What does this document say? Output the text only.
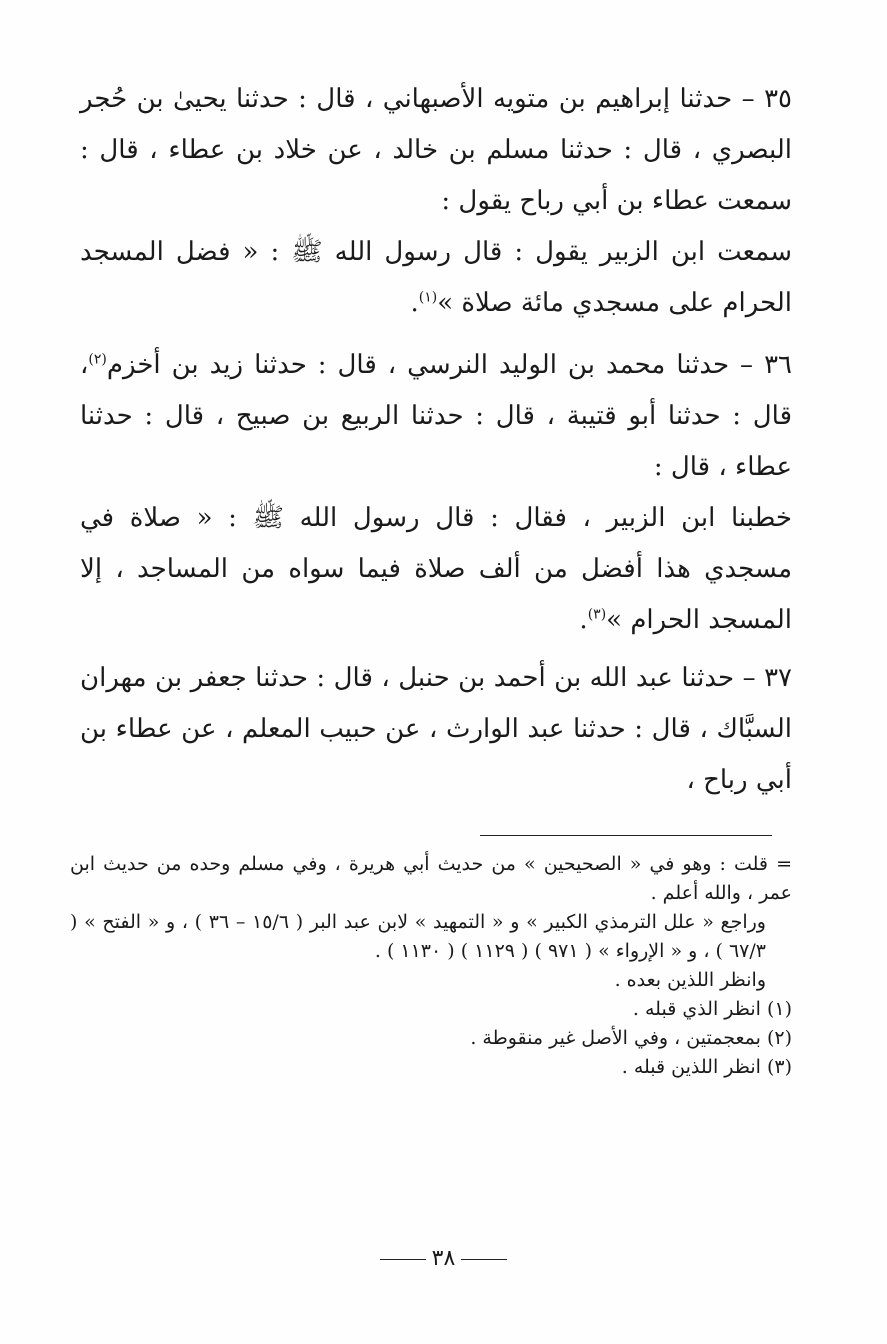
٣٥ – حدثنا إبراهيم بن متويه الأصبهاني ، قال : حدثنا يحيىٰ بن حُجر البصري ، قال : حدثنا مسلم بن خالد ، عن خلاد بن عطاء ، قال : سمعت عطاء بن أبي رباح يقول :

سمعت ابن الزبير يقول : قال رسول الله ﷺ : « فضل المسجد الحرام على مسجدي مائة صلاة »$^{(١)}$.

٣٦ – حدثنا محمد بن الوليد النرسي ، قال : حدثنا زيد بن أخزم$^{(٢)}$، قال : حدثنا أبو قتيبة ، قال : حدثنا الربيع بن صبيح ، قال : حدثنا عطاء ، قال :

خطبنا ابن الزبير ، فقال : قال رسول الله ﷺ : « صلاة في مسجدي هذا أفضل من ألف صلاة فيما سواه من المساجد ، إلا المسجد الحرام »$^{(٣)}$.

٣٧ – حدثنا عبد الله بن أحمد بن حنبل ، قال : حدثنا جعفر بن مهران السبَّاك ، قال : حدثنا عبد الوارث ، عن حبيب المعلم ، عن عطاء بن أبي رباح ،

=قلت : وهو في « الصحيحين » من حديث أبي هريرة ، وفي مسلم وحده من حديث ابن عمر ، والله أعلم .

وراجع « علل الترمذي الكبير » و « التمهيد » لابن عبد البر ( ١٥/٦ – ٣٦ ) ، و « الفتح » ( ٦٧/٣ ) ، و « الإرواء » ( ٩٧١ ) ( ١١٢٩ ) ( ١١٣٠ ) .

وانظر اللذين بعده .

(١) انظر الذي قبله .

(٢) بمعجمتين ، وفي الأصل غير منقوطة .

(٣) انظر اللذين قبله .

٣٨
